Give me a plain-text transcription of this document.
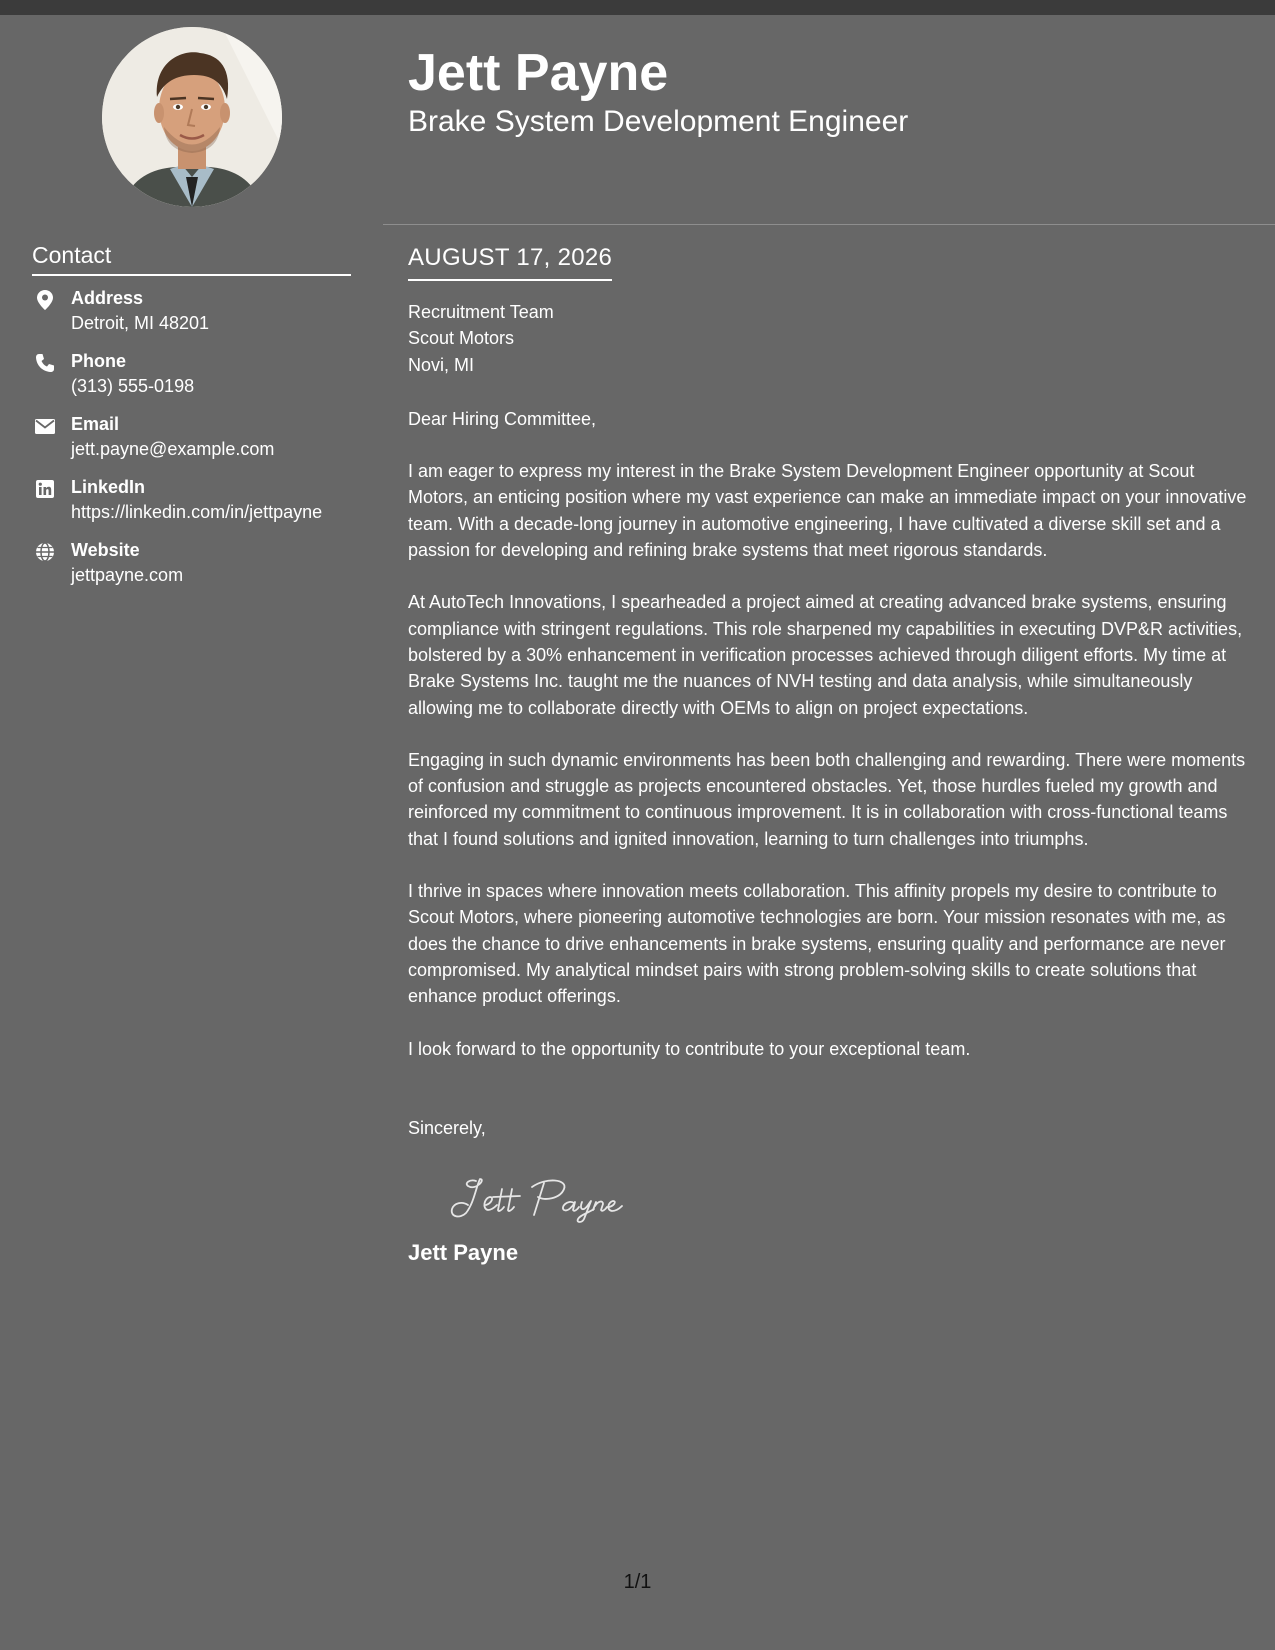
Contact
Address
Detroit, MI 48201
Phone
(313) 555-0198
Email
jett.payne@example.com
LinkedIn
https://linkedin.com/in/jettpayne
Website
jettpayne.com
Jett Payne
Brake System Development Engineer
AUGUST 17, 2026
Recruitment Team
Scout Motors
Novi, MI
Dear Hiring Committee,
I am eager to express my interest in the Brake System Development Engineer opportunity at Scout Motors, an enticing position where my vast experience can make an immediate impact on your innovative team. With a decade-long journey in automotive engineering, I have cultivated a diverse skill set and a passion for developing and refining brake systems that meet rigorous standards.
At AutoTech Innovations, I spearheaded a project aimed at creating advanced brake systems, ensuring compliance with stringent regulations. This role sharpened my capabilities in executing DVP&R activities, bolstered by a 30% enhancement in verification processes achieved through diligent efforts. My time at Brake Systems Inc. taught me the nuances of NVH testing and data analysis, while simultaneously allowing me to collaborate directly with OEMs to align on project expectations.
Engaging in such dynamic environments has been both challenging and rewarding. There were moments of confusion and struggle as projects encountered obstacles. Yet, those hurdles fueled my growth and reinforced my commitment to continuous improvement. It is in collaboration with cross-functional teams that I found solutions and ignited innovation, learning to turn challenges into triumphs.
I thrive in spaces where innovation meets collaboration. This affinity propels my desire to contribute to Scout Motors, where pioneering automotive technologies are born. Your mission resonates with me, as does the chance to drive enhancements in brake systems, ensuring quality and performance are never compromised. My analytical mindset pairs with strong problem-solving skills to create solutions that enhance product offerings.
I look forward to the opportunity to contribute to your exceptional team.
Sincerely,
Jett Payne
1/1
